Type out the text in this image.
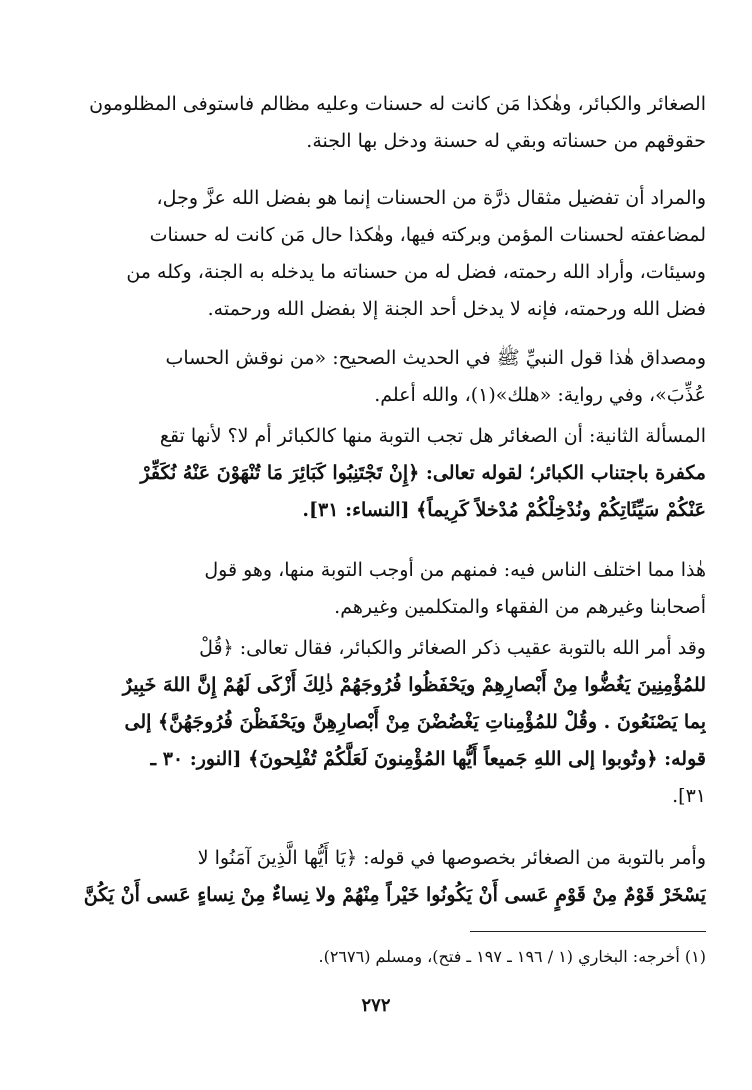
الصغائر والكبائر، وهٰكذا مَن كانت له حسنات وعليه مظالم فاستوفى المظلومون
حقوقهم من حسناته وبقي له حسنة ودخل بها الجنة.
والمراد أن تفضيل مثقال ذرَّة من الحسنات إنما هو بفضل الله عزَّ وجل،
لمضاعفته لحسنات المؤمن وبركته فيها، وهٰكذا حال مَن كانت له حسنات
وسيئات، وأراد الله رحمته، فضل له من حسناته ما يدخله به الجنة، وكله من
فضل الله ورحمته، فإنه لا يدخل أحد الجنة إلا بفضل الله ورحمته.
ومصداق هٰذا قول النبيِّ ﷺ في الحديث الصحيح: «من نوقش الحساب
عُذِّبَ»، وفي رواية: «هلك»(١)، والله أعلم.
المسألة الثانية: أن الصغائر هل تجب التوبة منها كالكبائر أم لا؟ لأنها تقع
مكفرة باجتناب الكبائر؛ لقوله تعالى: ﴿إِنْ تَجْتَنِبُوا كَبَائِرَ مَا تُنْهَوْنَ عَنْهُ نُكَفِّرْ
عَنْكُمْ سَيِّئَاتِكُمْ ونُدْخِلْكُمْ مُدْخلاً كَرِيماً﴾ [النساء: ٣١].
هٰذا مما اختلف الناس فيه: فمنهم من أوجب التوبة منها، وهو قول
أصحابنا وغيرهم من الفقهاء والمتكلمين وغيرهم.
وقد أمر الله بالتوبة عقيب ذكر الصغائر والكبائر، فقال تعالى: ﴿قُلْ
للمُؤْمِنِينَ يَغُضُّوا مِنْ أَبْصارِهِمْ ويَحْفَظُوا فُرُوجَهُمْ ذٰلِكَ أَزْكَى لَهُمْ إِنَّ اللهَ خَبِيرٌ
بِما يَصْنَعُونَ . وقُلْ للمُؤْمِناتِ يَغْضُضْنَ مِنْ أَبْصارِهِنَّ ويَحْفَظْنَ فُرُوجَهُنَّ﴾ إلى
قوله: ﴿وتُوبوا إلى اللهِ جَميعاً أَيُّها المُؤْمِنونَ لَعَلَّكُمْ تُفْلِحونَ﴾ [النور: ٣٠ ـ
٣١].
وأمر بالتوبة من الصغائر بخصوصها في قوله: ﴿يَا أَيُّها الَّذِينَ آمَنُوا لا
يَسْخَرْ قَوْمٌ مِنْ قَوْمٍ عَسى أَنْ يَكُونُوا خَيْراً مِنْهُمْ ولا نِساءٌ مِنْ نِساءٍ عَسى أَنْ يَكُنَّ
(١) أخرجه: البخاري (١ / ١٩٦ ـ ١٩٧ ـ فتح)، ومسلم (٢٦٧٦).
٢٧٢
